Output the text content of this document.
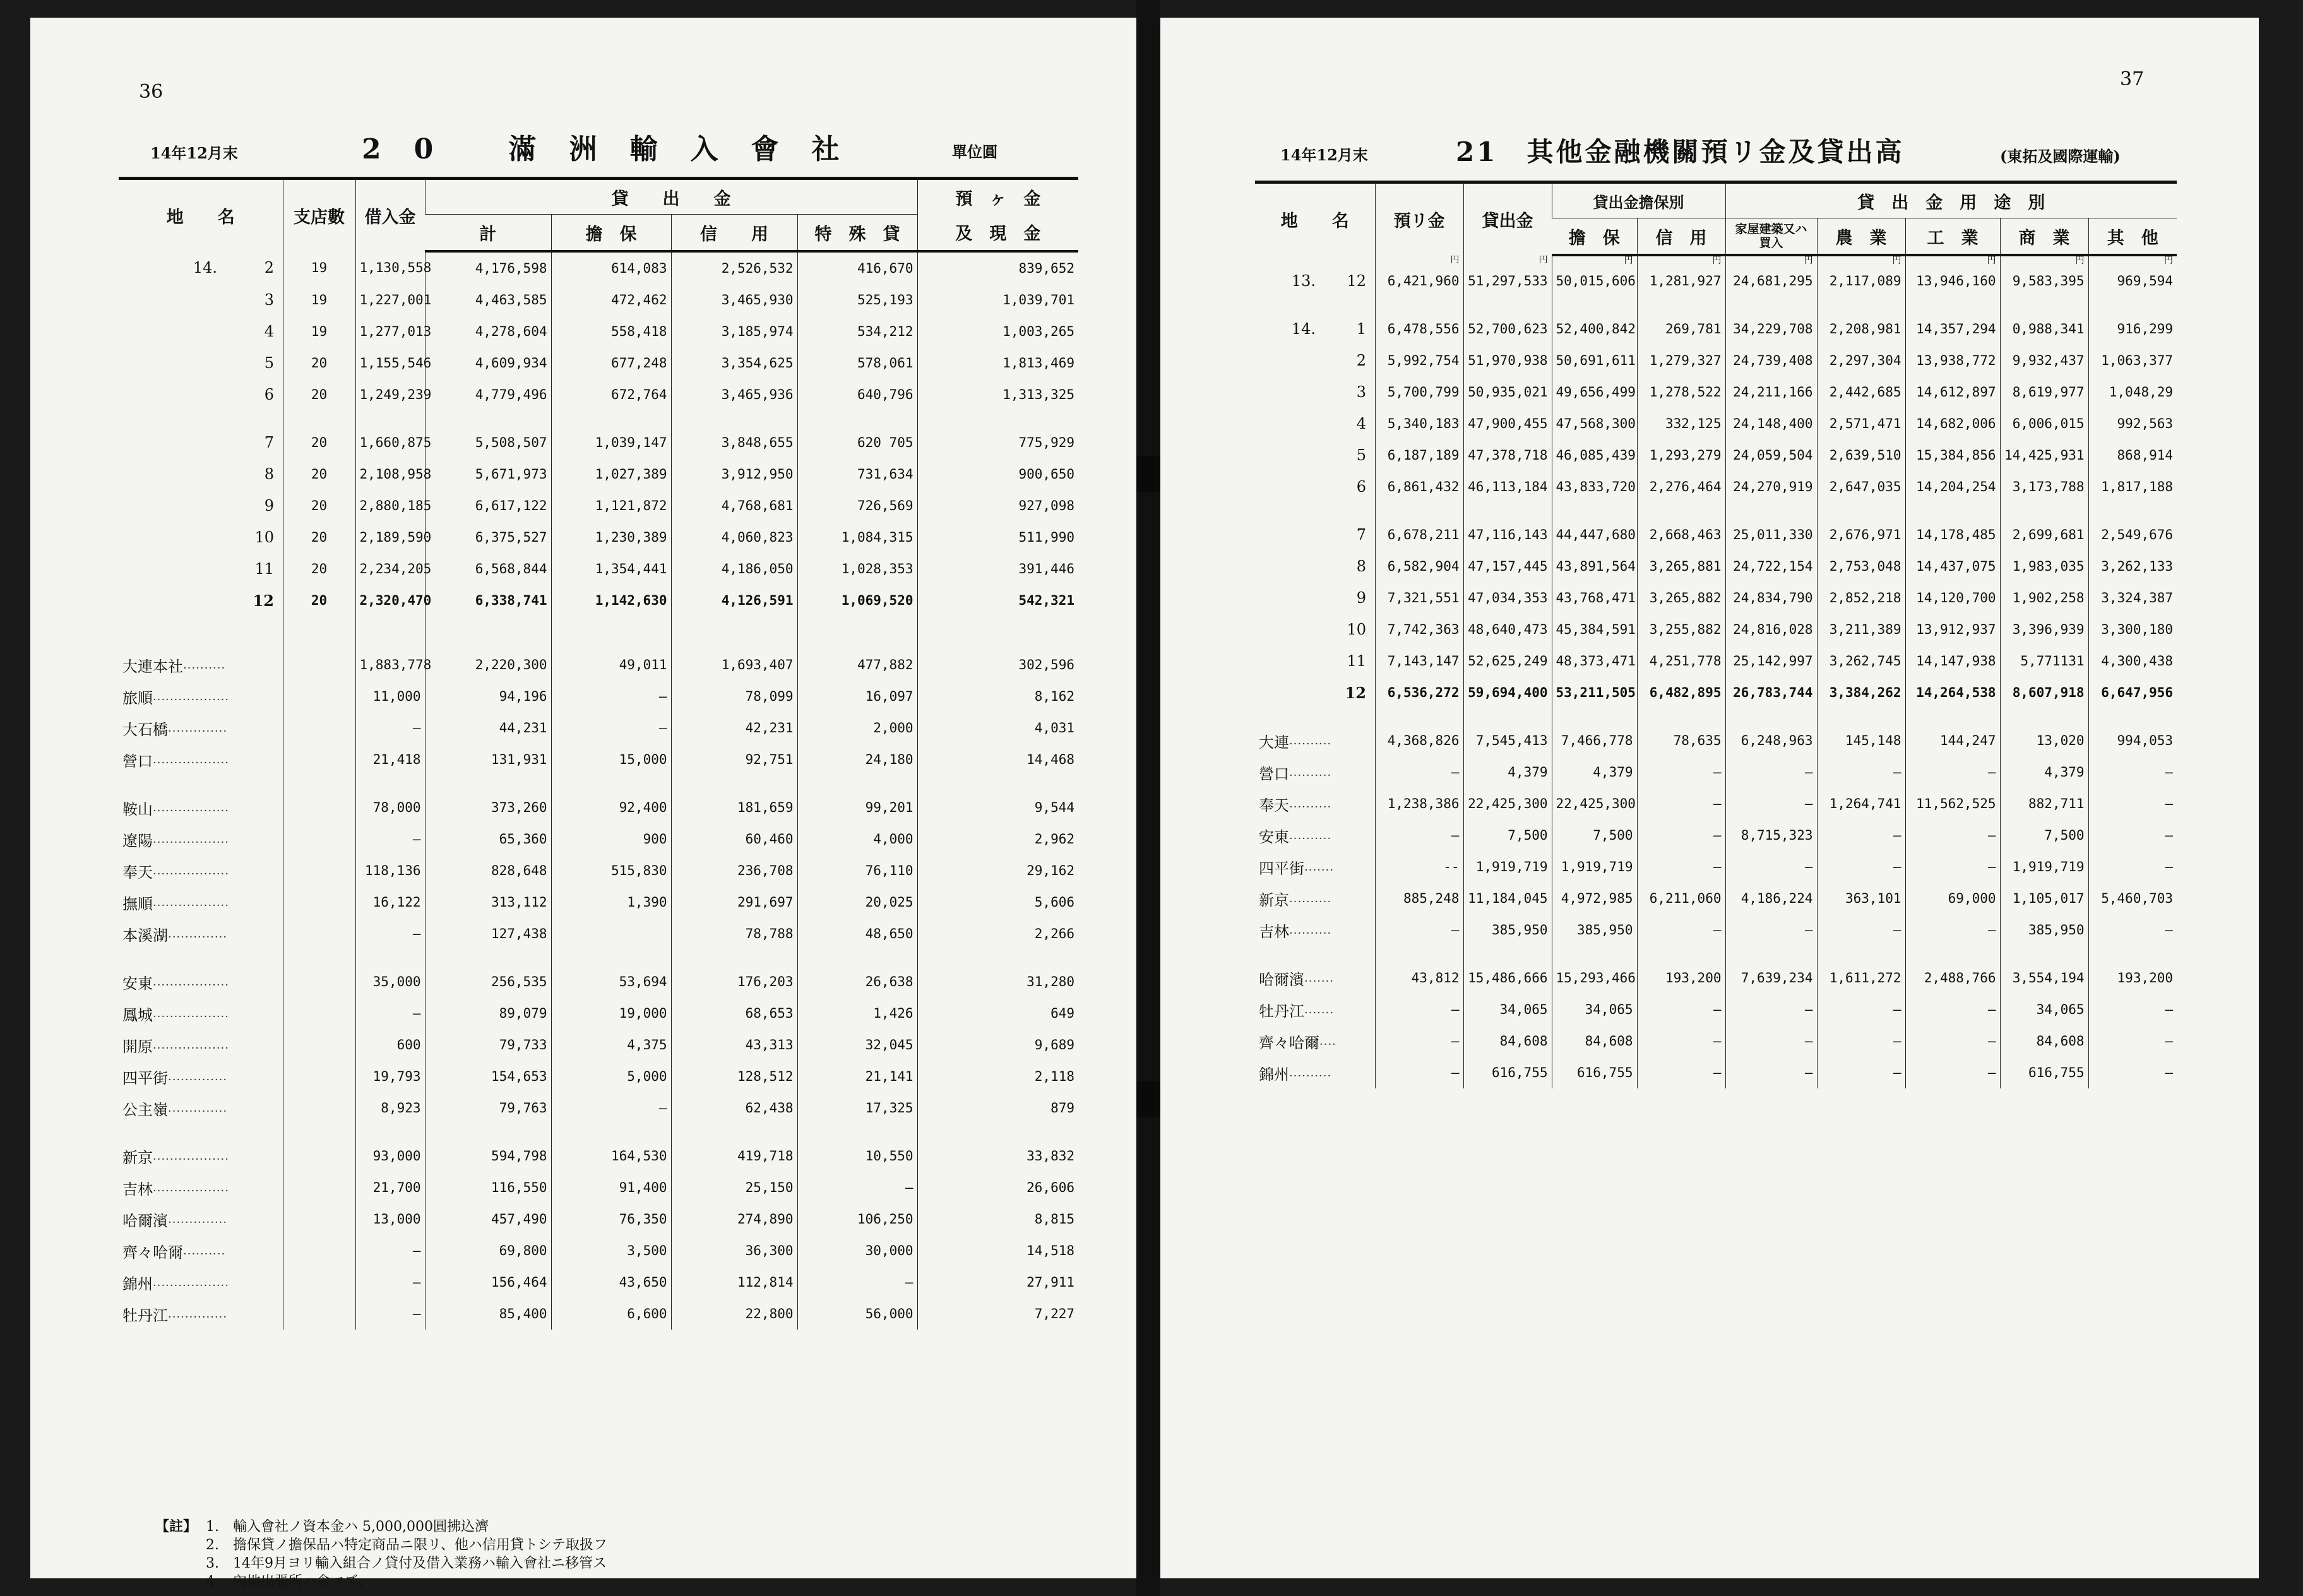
36
14年12月末	20 滿洲輸入會社	單位圓
地　　名	支店數	借入金	貸　　出　　金				預　ヶ　金
			計	擔　保	信　　用	特　殊　貸	及　現　金
14. 2	19	1,130,558	4,176,598	614,083	2,526,532	416,670	839,652
3	19	1,227,001	4,463,585	472,462	3,465,930	525,193	1,039,701
4	19	1,277,013	4,278,604	558,418	3,185,974	534,212	1,003,265
5	20	1,155,546	4,609,934	677,248	3,354,625	578,061	1,813,469
6	20	1,249,239	4,779,496	672,764	3,465,936	640,796	1,313,325

7	20	1,660,875	5,508,507	1,039,147	3,848,655	620 705	775,929
8	20	2,108,958	5,671,973	1,027,389	3,912,950	731,634	900,650
9	20	2,880,185	6,617,122	1,121,872	4,768,681	726,569	927,098
10	20	2,189,590	6,375,527	1,230,389	4,060,823	1,084,315	511,990
11	20	2,234,205	6,568,844	1,354,441	4,186,050	1,028,353	391,446
12	20	2,320,470	6,338,741	1,142,630	4,126,591	1,069,520	542,321

大連本社··········		1,883,778	2,220,300	49,011	1,693,407	477,882	302,596
旅順··················		11,000	94,196	—	78,099	16,097	8,162
大石橋··············		—	44,231	—	42,231	2,000	4,031
營口··················		21,418	131,931	15,000	92,751	24,180	14,468

鞍山··················		78,000	373,260	92,400	181,659	99,201	9,544
遼陽··················		—	65,360	900	60,460	4,000	2,962
奉天··················		118,136	828,648	515,830	236,708	76,110	29,162
撫順··················		16,122	313,112	1,390	291,697	20,025	5,606
本溪湖··············		—	127,438		78,788	48,650	2,266

安東··················		35,000	256,535	53,694	176,203	26,638	31,280
鳳城··················		—	89,079	19,000	68,653	1,426	649
開原··················		600	79,733	4,375	43,313	32,045	9,689
四平街··············		19,793	154,653	5,000	128,512	21,141	2,118
公主嶺··············		8,923	79,763	—	62,438	17,325	879

新京··················		93,000	594,798	164,530	419,718	10,550	33,832
吉林··················		21,700	116,550	91,400	25,150	—	26,606
哈爾濱··············		13,000	457,490	76,350	274,890	106,250	8,815
齊々哈爾··········		—	69,800	3,500	36,300	30,000	14,518
錦州··················		—	156,464	43,650	112,814	—	27,911
牡丹江··············		—	85,400	6,600	22,800	56,000	7,227
【註】 1.　輸入會社ノ資本金ハ 5,000,000圓拂込濟
2.　擔保貸ノ擔保品ハ特定商品ニ限リ、他ハ信用貸トシテ取扱フ
3.　14年9月ヨリ輸入組合ノ貸付及借入業務ハ輸入會社ニ移管ス
4.　內地出張所ハ含マズ、
37
14年12月末	21　其他金融機關預リ金及貸出高	(東拓及國際運輸)
地　　名	預リ金	貸出金	貸出金擔保別		貸　出　金　用　途　別				
			擔　保	信　用	家屋建築又ハ買入	農　業	工　業	商　業	其　他
	円	円	円	円	円	円	円	円	円
13. 12	6,421,960	51,297,533	50,015,606	1,281,927	24,681,295	2,117,089	13,946,160	9,583,395	969,594

14. 1	6,478,556	52,700,623	52,400,842	269,781	34,229,708	2,208,981	14,357,294	0,988,341	916,299
2	5,992,754	51,970,938	50,691,611	1,279,327	24,739,408	2,297,304	13,938,772	9,932,437	1,063,377
3	5,700,799	50,935,021	49,656,499	1,278,522	24,211,166	2,442,685	14,612,897	8,619,977	1,048,29
4	5,340,183	47,900,455	47,568,300	332,125	24,148,400	2,571,471	14,682,006	6,006,015	992,563
5	6,187,189	47,378,718	46,085,439	1,293,279	24,059,504	2,639,510	15,384,856	14,425,931	868,914
6	6,861,432	46,113,184	43,833,720	2,276,464	24,270,919	2,647,035	14,204,254	3,173,788	1,817,188

7	6,678,211	47,116,143	44,447,680	2,668,463	25,011,330	2,676,971	14,178,485	2,699,681	2,549,676
8	6,582,904	47,157,445	43,891,564	3,265,881	24,722,154	2,753,048	14,437,075	1,983,035	3,262,133
9	7,321,551	47,034,353	43,768,471	3,265,882	24,834,790	2,852,218	14,120,700	1,902,258	3,324,387
10	7,742,363	48,640,473	45,384,591	3,255,882	24,816,028	3,211,389	13,912,937	3,396,939	3,300,180
11	7,143,147	52,625,249	48,373,471	4,251,778	25,142,997	3,262,745	14,147,938	5,771131	4,300,438
12	6,536,272	59,694,400	53,211,505	6,482,895	26,783,744	3,384,262	14,264,538	8,607,918	6,647,956

大連··········	4,368,826	7,545,413	7,466,778	78,635	6,248,963	145,148	144,247	13,020	994,053
營口··········	—	4,379	4,379	—	—	—	—	4,379	—
奉天··········	1,238,386	22,425,300	22,425,300	—	—	1,264,741	11,562,525	882,711	—
安東··········	—	7,500	7,500	—	8,715,323	—	—	7,500	—
四平街·······	--	1,919,719	1,919,719	—	—	—	—	1,919,719	—
新京··········	885,248	11,184,045	4,972,985	6,211,060	4,186,224	363,101	69,000	1,105,017	5,460,703
吉林··········	—	385,950	385,950	—	—	—	—	385,950	—

哈爾濱·······	43,812	15,486,666	15,293,466	193,200	7,639,234	1,611,272	2,488,766	3,554,194	193,200
牡丹江·······	—	34,065	34,065	—	—	—	—	34,065	—
齊々哈爾····	—	84,608	84,608	—	—	—	—	84,608	—
錦州··········	—	616,755	616,755	—	—	—	—	616,755	—
